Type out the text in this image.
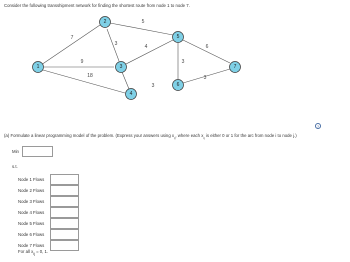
Consider the following transshipment network for finding the shortest route from node 1 to node 7.
7
9
18
3
5
4
3
3
6
3
1
2
3
4
5
6
7
?
(a) Formulate a linear programming model of the problem. (Express your answers using $x_{ij}$, where each $x_{ij}$ is either 0 or 1 for the arc from node i to node j.)
Min
s.t.
Node 1 Flows
Node 2 Flows
Node 3 Flows
Node 4 Flows
Node 5 Flows
Node 6 Flows
Node 7 Flows
For all $x_{ij} = 0$, 1.
